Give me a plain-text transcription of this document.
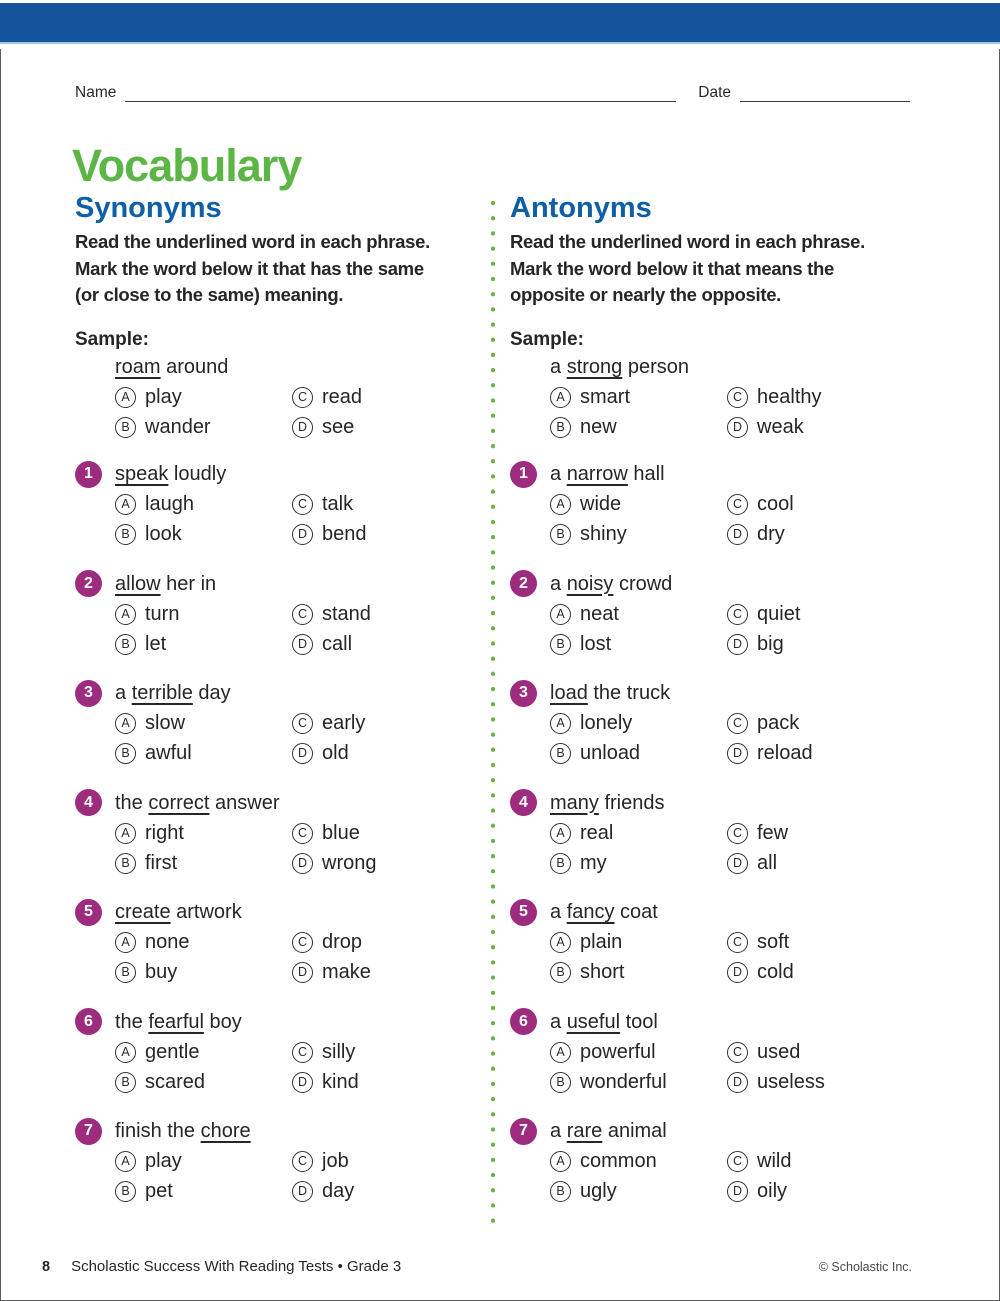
Name	Date
Vocabulary
Synonyms
Read the underlined word in each phrase.
Mark the word below it that has the same
(or close to the same) meaning.
Sample:
roam around
A play	C read
B wander	D see
1	speak loudly
A laugh	C talk
B look	D bend
2	allow her in
A turn	C stand
B let	D call
3	a terrible day
A slow	C early
B awful	D old
4	the correct answer
A right	C blue
B first	D wrong
5	create artwork
A none	C drop
B buy	D make
6	the fearful boy
A gentle	C silly
B scared	D kind
7	finish the chore
A play	C job
B pet	D day
Antonyms
Read the underlined word in each phrase.
Mark the word below it that means the
opposite or nearly the opposite.
Sample:
a strong person
A smart	C healthy
B new	D weak
1	a narrow hall
A wide	C cool
B shiny	D dry
2	a noisy crowd
A neat	C quiet
B lost	D big
3	load the truck
A lonely	C pack
B unload	D reload
4	many friends
A real	C few
B my	D all
5	a fancy coat
A plain	C soft
B short	D cold
6	a useful tool
A powerful	C used
B wonderful	D useless
7	a rare animal
A common	C wild
B ugly	D oily
8 Scholastic Success With Reading Tests • Grade 3	© Scholastic Inc.
